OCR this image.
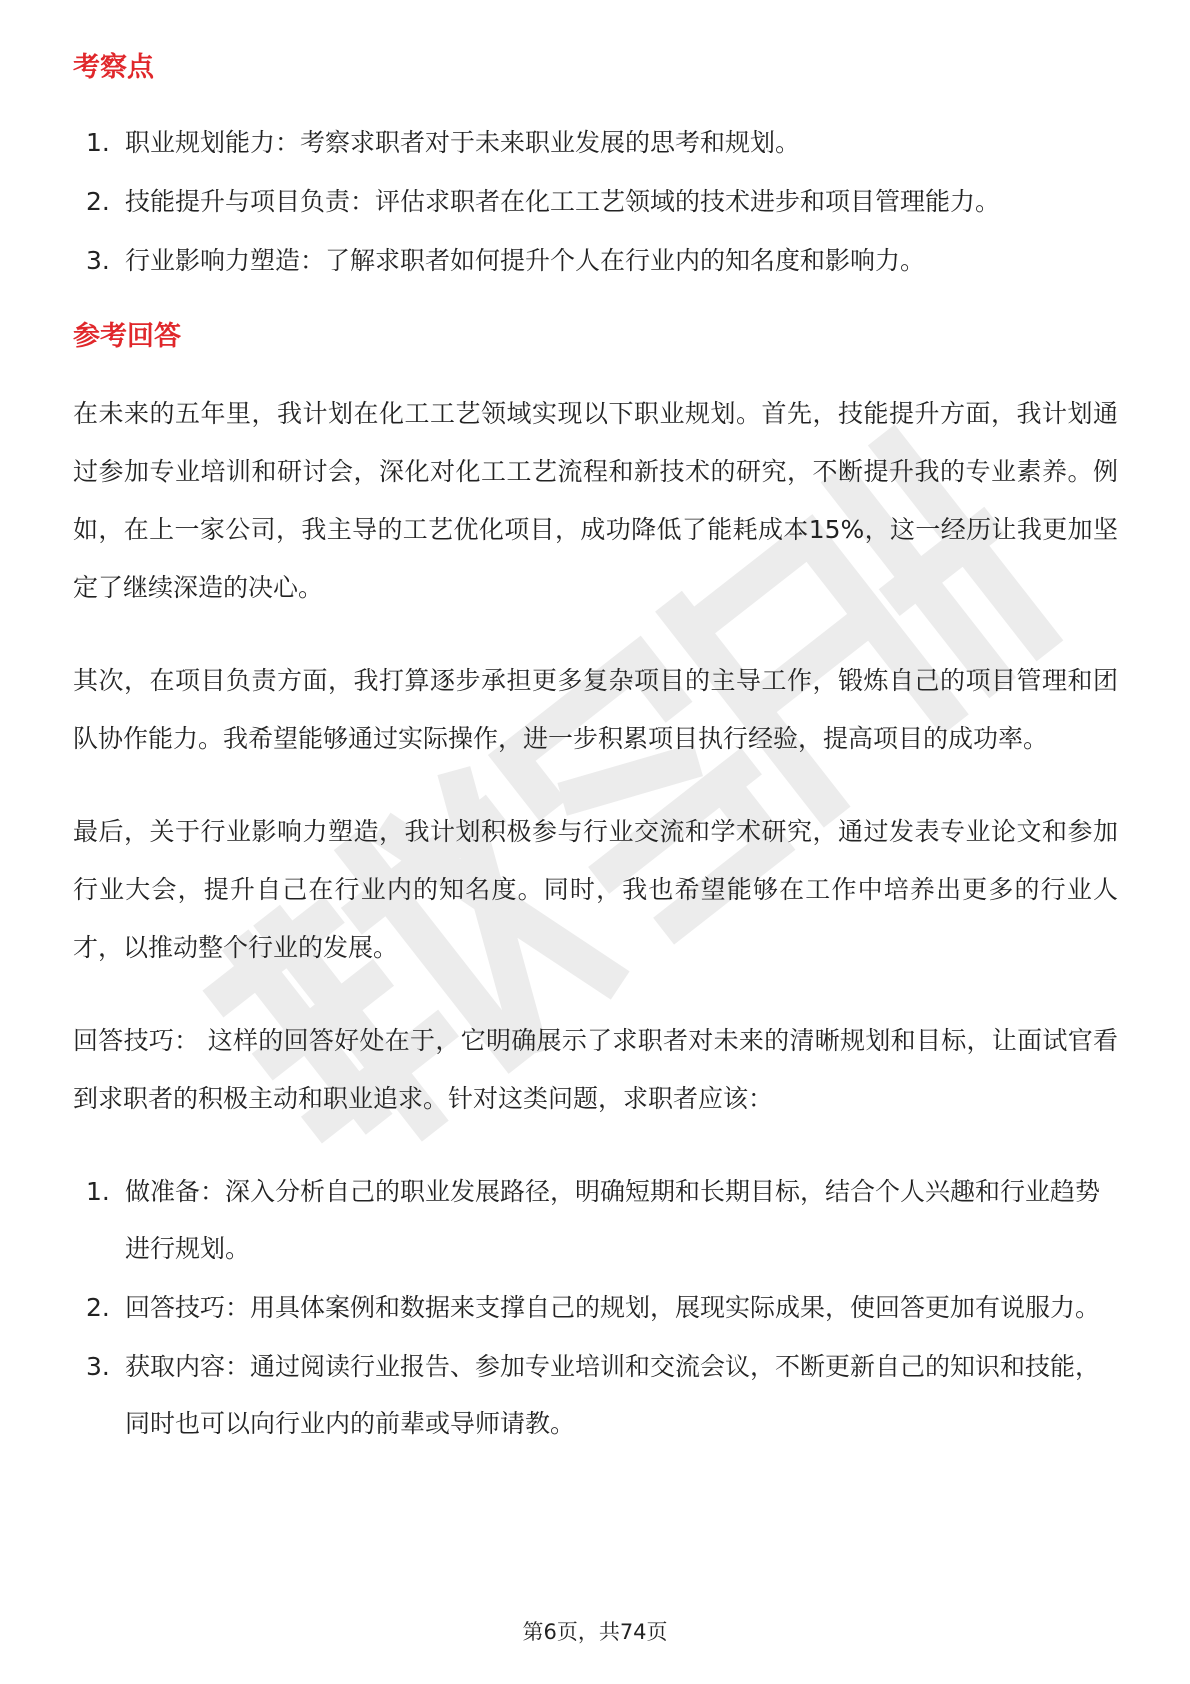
考察点
1. 职业规划能力：考察求职者对于未来职业发展的思考和规划。
2. 技能提升与项目负责：评估求职者在化工工艺领域的技术进步和项目管理能力。
3. 行业影响力塑造：了解求职者如何提升个人在行业内的知名度和影响力。
参考回答

在未来的五年里，我计划在化工工艺领域实现以下职业规划。首先，技能提升方面，我计划通过参加专业培训和研讨会，深化对化工工艺流程和新技术的研究，不断提升我的专业素养。例如，在上一家公司，我主导的工艺优化项目，成功降低了能耗成本15%，这一经历让我更加坚定了继续深造的决心。

其次，在项目负责方面，我打算逐步承担更多复杂项目的主导工作，锻炼自己的项目管理和团队协作能力。我希望能够通过实际操作，进一步积累项目执行经验，提高项目的成功率。

最后，关于行业影响力塑造，我计划积极参与行业交流和学术研究，通过发表专业论文和参加行业大会，提升自己在行业内的知名度。同时，我也希望能够在工作中培养出更多的行业人才，以推动整个行业的发展。

回答技巧： 这样的回答好处在于，它明确展示了求职者对未来的清晰规划和目标，让面试官看到求职者的积极主动和职业追求。针对这类问题，求职者应该：

1. 做准备：深入分析自己的职业发展路径，明确短期和长期目标，结合个人兴趣和行业趋势进行规划。
2. 回答技巧：用具体案例和数据来支撑自己的规划，展现实际成果，使回答更加有说服力。
3. 获取内容：通过阅读行业报告、参加专业培训和交流会议，不断更新自己的知识和技能，同时也可以向行业内的前辈或导师请教。
第6页，共74页
